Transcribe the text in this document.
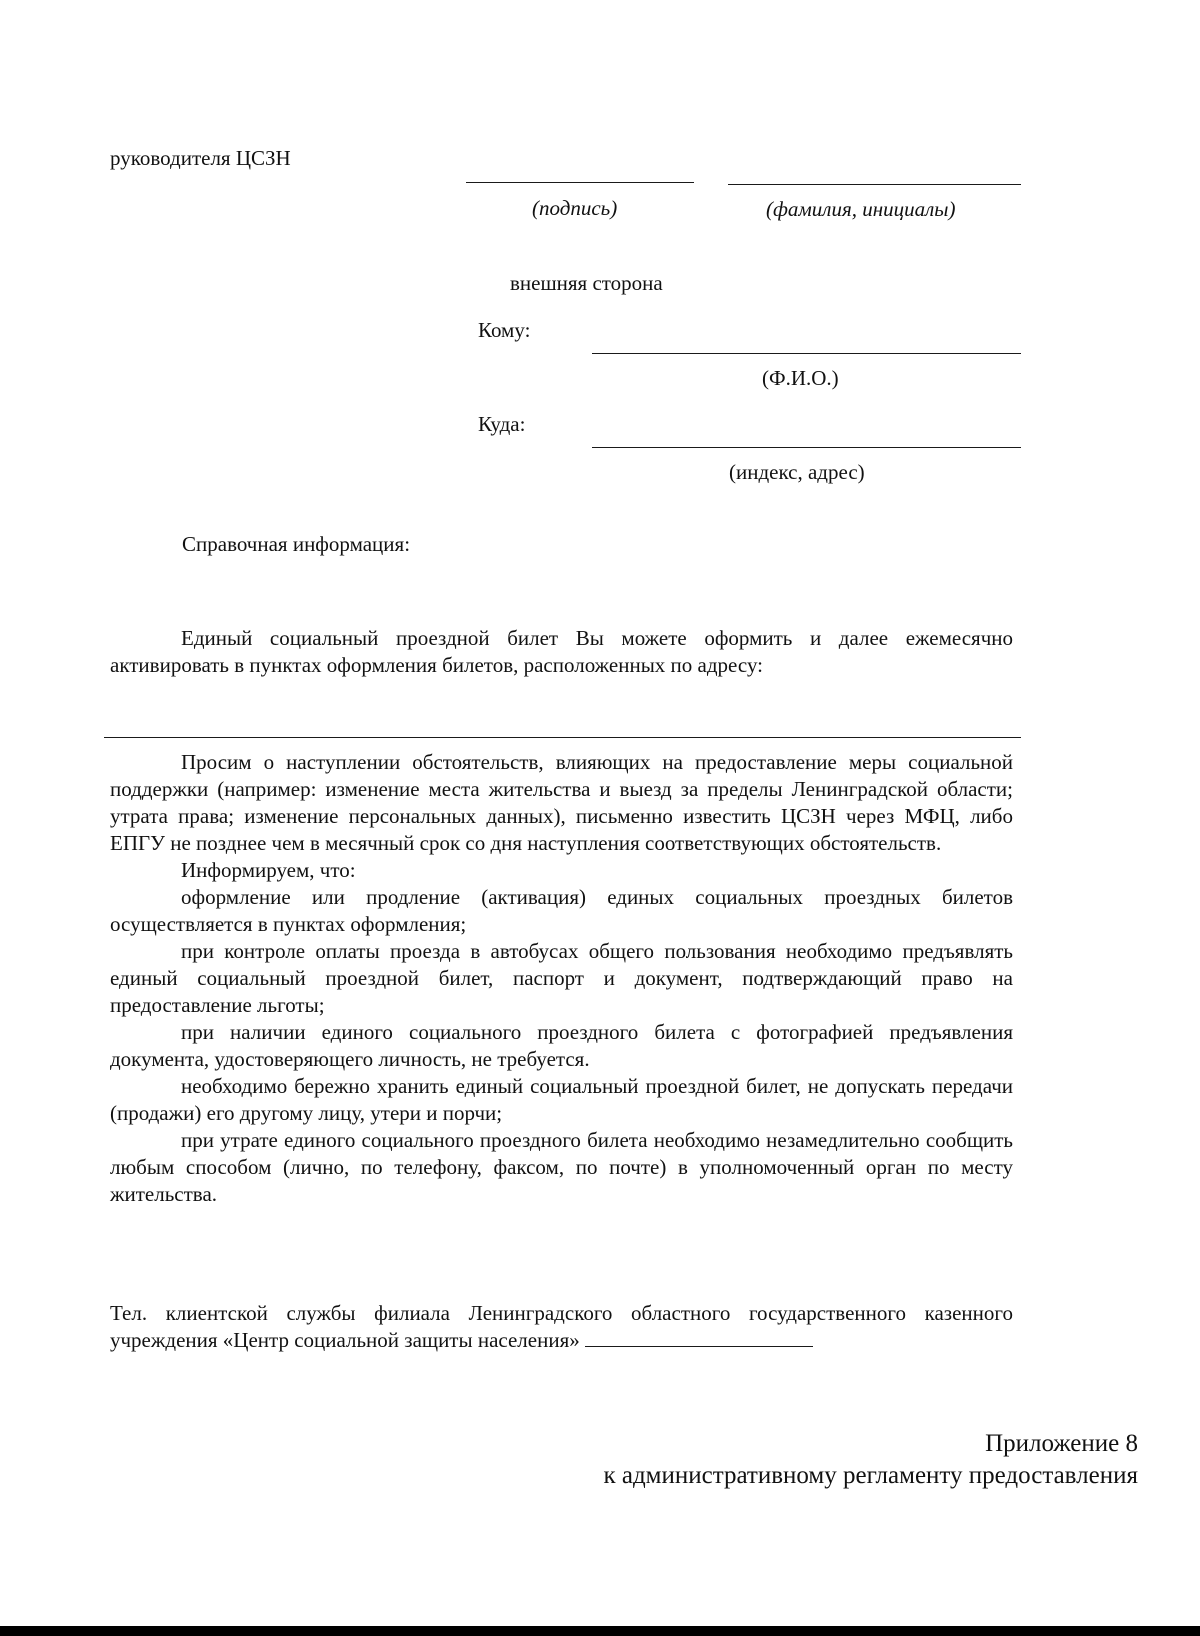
руководителя ЦСЗН
(подпись)	(фамилия, инициалы)
внешняя сторона
Кому:
(Ф.И.О.)
Куда:
(индекс, адрес)
Справочная информация:
Единый социальный проездной билет Вы можете оформить и далее ежемесячно активировать в пунктах оформления билетов, расположенных по адресу:

Просим о наступлении обстоятельств, влияющих на предоставление меры социальной поддержки (например: изменение места жительства и выезд за пределы Ленинградской области; утрата права; изменение персональных данных), письменно известить ЦСЗН через МФЦ, либо ЕПГУ не позднее чем в месячный срок со дня наступления соответствующих обстоятельств.

Информируем, что:

оформление или продление (активация) единых социальных проездных билетов осуществляется в пунктах оформления;

при контроле оплаты проезда в автобусах общего пользования необходимо предъявлять единый социальный проездной билет, паспорт и документ, подтверждающий право на предоставление льготы;

при наличии единого социального проездного билета с фотографией предъявления документа, удостоверяющего личность, не требуется.

необходимо бережно хранить единый социальный проездной билет, не допускать передачи (продажи) его другому лицу, утери и порчи;

при утрате единого социального проездного билета необходимо незамедлительно сообщить любым способом (лично, по телефону, факсом, по почте) в уполномоченный орган по месту жительства.

Тел. клиентской службы филиала Ленинградского областного государственного казенного учреждения «Центр социальной защиты населения»
Приложение 8
к административному регламенту предоставления
